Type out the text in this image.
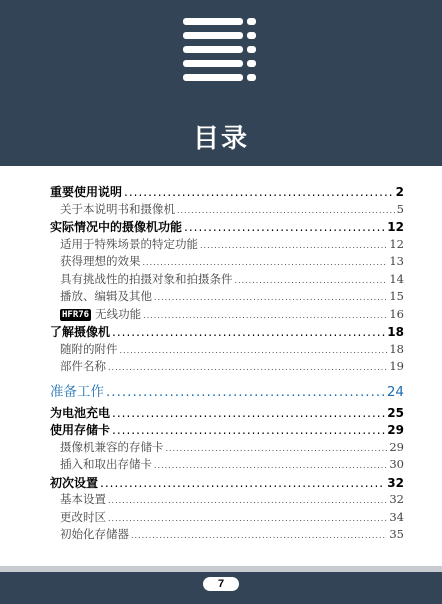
目录
重要使用说明 .....	2
关于本说明书和摄像机 .....	5
实际情况中的摄像机功能 .....	12
适用于特殊场景的特定功能 .....	12
获得理想的效果 .....	13
具有挑战性的拍摄对象和拍摄条件 .....	14
播放、编辑及其他 .....	15
HFR76 无线功能 .....	16
了解摄像机 .....	18
随附的附件 .....	18
部件名称 .....	19
准备工作 .....	24
为电池充电 .....	25
使用存储卡 .....	29
摄像机兼容的存储卡 .....	29
插入和取出存储卡 .....	30
初次设置 .....	32
基本设置 .....	32
更改时区 .....	34
初始化存储器 .....	35
7
